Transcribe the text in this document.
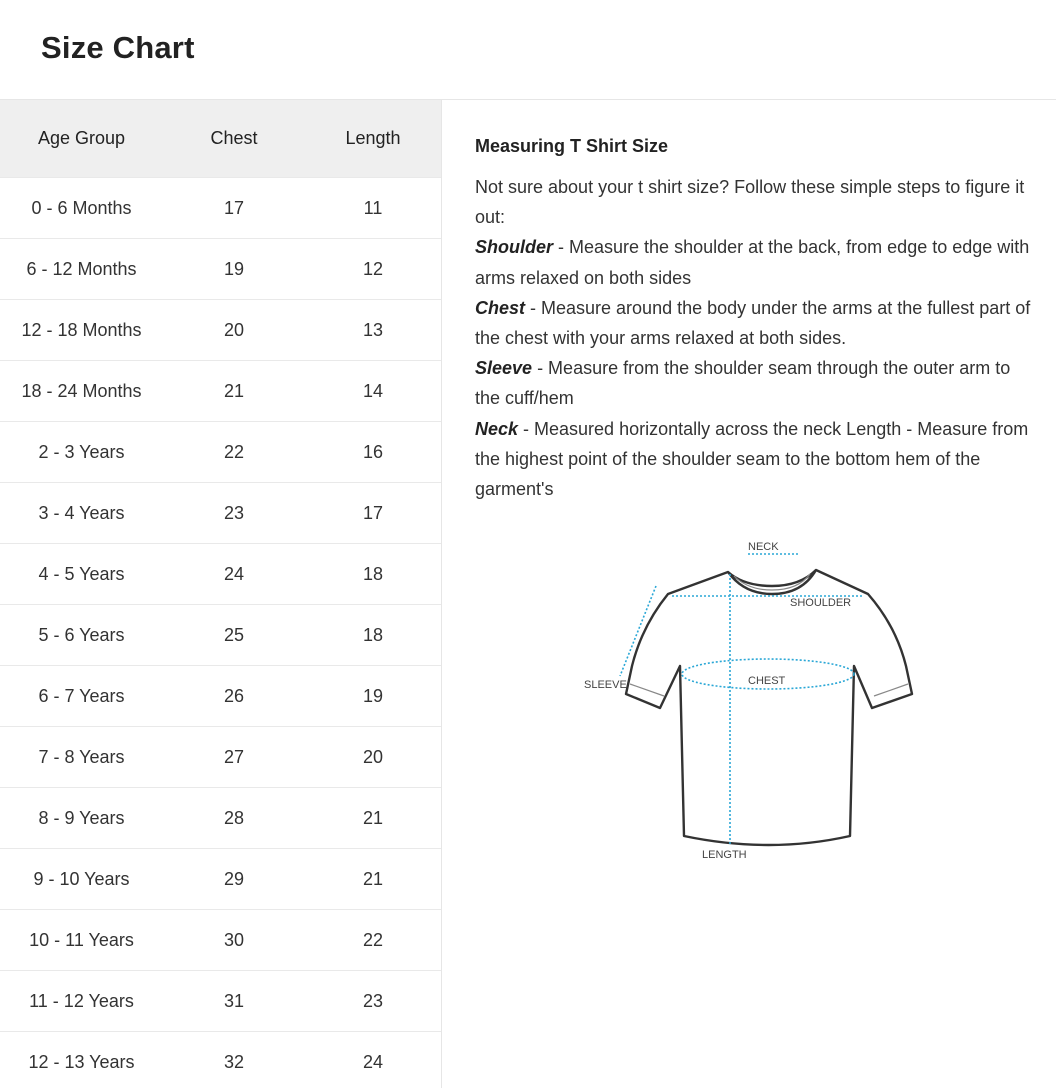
Size Chart
Age Group	Chest	Length
0 - 6 Months	17	11
6 - 12 Months	19	12
12 - 18 Months	20	13
18 - 24 Months	21	14
2 - 3 Years	22	16
3 - 4 Years	23	17
4 - 5 Years	24	18
5 - 6 Years	25	18
6 - 7 Years	26	19
7 - 8 Years	27	20
8 - 9 Years	28	21
9 - 10 Years	29	21
10 - 11 Years	30	22
11 - 12 Years	31	23
12 - 13 Years	32	24
Measuring T Shirt Size

Not sure about your t shirt size? Follow these simple steps to figure it out:

Shoulder - Measure the shoulder at the back, from edge to edge with arms relaxed on both sides

Chest - Measure around the body under the arms at the fullest part of the chest with your arms relaxed at both sides.

Sleeve - Measure from the shoulder seam through the outer arm to the cuff/hem

Neck - Measured horizontally across the neck Length - Measure from the highest point of the shoulder seam to the bottom hem of the garment's

NECK
SHOULDER
SLEEVE	CHEST
LENGTH
